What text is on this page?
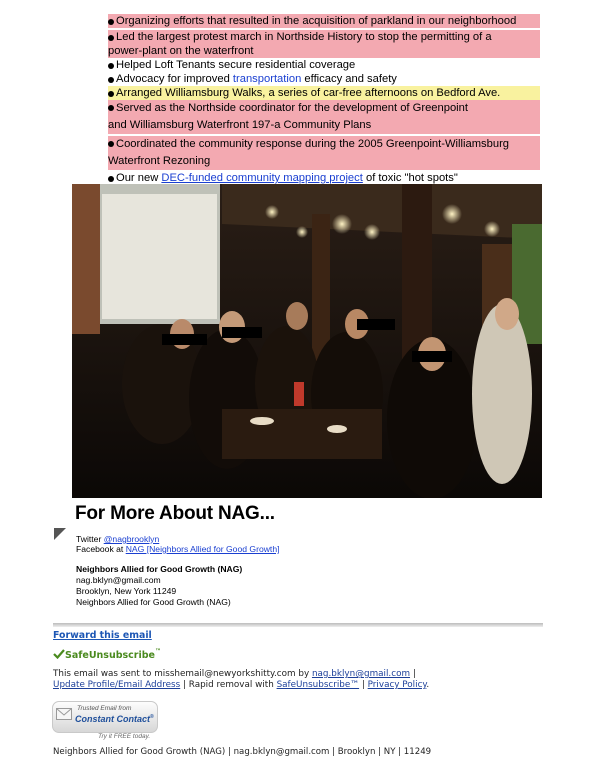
Organizing efforts that resulted in the acquisition of parkland in our neighborhood
Led the largest protest march in Northside History to stop the permitting of a
power-plant on the waterfront
Helped Loft Tenants secure residential coverage
Advocacy for improved transportation efficacy and safety
Arranged Williamsburg Walks, a series of car-free afternoons on Bedford Ave.
Served as the Northside coordinator for the development of Greenpoint
and Williamsburg Waterfront 197-a Community Plans
Coordinated the community response during the 2005 Greenpoint-Williamsburg
Waterfront Rezoning
Our new DEC-funded community mapping project of toxic "hot spots"
For More About NAG...
Twitter @nagbrooklyn
Facebook at NAG [Neighbors Allied for Good Growth]
Neighbors Allied for Good Growth (NAG)
nag.bklyn@gmail.com
Brooklyn, New York 11249
Neighbors Allied for Good Growth (NAG)
Forward this email
SafeUnsubscribe™
This email was sent to misshemail@newyorkshitty.com by nag.bklyn@gmail.com |
Update Profile/Email Address | Rapid removal with SafeUnsubscribe™ | Privacy Policy.
Trusted Email from
Constant Contact®
Try it FREE today.
Neighbors Allied for Good Growth (NAG) | nag.bklyn@gmail.com | Brooklyn | NY | 11249
